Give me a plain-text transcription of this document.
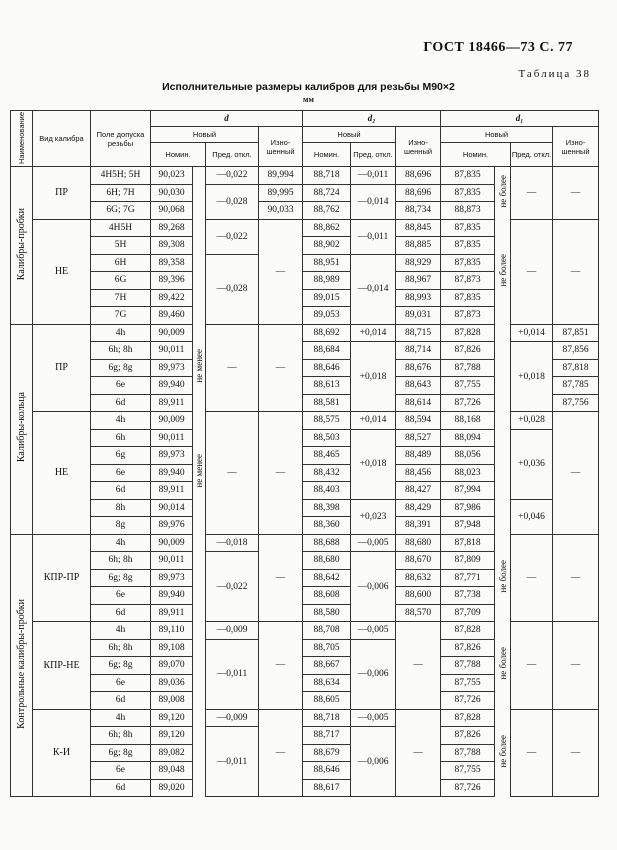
ГОСТ 18466—73 С. 77
Таблица 38
Исполнительные размеры калибров для резьбы М90×2
мм
Наименование	Вид калибра	Поле допуска резьбы	d				d₂			d₁			
			Новый			Изно-шенный	Новый		Изно-шенный	Новый			Изно-шенный
			Номин.		Пред. откл.		Номин.	Пред. откл.		Номин.		Пред. откл.	
Калибры-пробки	ПР	4H5H; 5H	90,023		—0,022	89,994	88,718	—0,011	88,696	87,835	не более	—	—
		6H; 7H	90,030		—0,028	89,995	88,724	—0,014	88,696	87,835			
		6G; 7G	90,068			90,033	88,762		88,734	88,873			
	НЕ	4H5H	89,268		—0,022	—	88,862	—0,011	88,845	87,835	не более	—	—
		5H	89,308				88,902		88,885	87,835			
		6H	89,358		—0,028		88,951	—0,014	88,929	87,835			
		6G	89,396				88,989		88,967	87,873			
		7H	89,422				89,015		88,993	87,835			
		7G	89,460				89,053		89,031	87,873			
Калибры-кольца	ПР	4h	90,009	не менее	—	—	88,692	+0,014	88,715	87,828		+0,014	87,851
		6h; 8h	90,011				88,684	+0,018	88,714	87,826		+0,018	87,856
		6g; 8g	89,973				88,646		88,676	87,788			87,818
		6e	89,940				88,613		88,643	87,755			87,785
		6d	89,911				88,581		88,614	87,726			87,756
	НЕ	4h	90,009	не менее	—	—	88,575	+0,014	88,594	88,168		+0,028	—
		6h	90,011				88,503	+0,018	88,527	88,094		+0,036	
		6g	89,973				88,465		88,489	88,056			
		6e	89,940				88,432		88,456	88,023			
		6d	89,911				88,403		88,427	87,994			
		8h	90,014				88,398	+0,023	88,429	87,986		+0,046	
		8g	89,976				88,360		88,391	87,948			
Контрольные калибры-пробки	КПР-ПР	4h	90,009		—0,018	—	88,688	—0,005	88,680	87,818	не более	—	—
		6h; 8h	90,011		—0,022		88,680	—0,006	88,670	87,809			
		6g; 8g	89,973				88,642		88,632	87,771			
		6e	89,940				88,608		88,600	87,738			
		6d	89,911				88,580		88,570	87,709			
	КПР-НЕ	4h	89,110		—0,009	—	88,708	—0,005	—	87,828	не более	—	—
		6h; 8h	89,108		—0,011		88,705	—0,006		87,826			
		6g; 8g	89,070				88,667			87,788			
		6e	89,036				88,634			87,755			
		6d	89,008				88,605			87,726			
	К-И	4h	89,120		—0,009	—	88,718	—0,005	—	87,828	не более	—	—
		6h; 8h	89,120		—0,011		88,717	—0,006		87,826			
		6g; 8g	89,082				88,679			87,788			
		6e	89,048				88,646			87,755			
		6d	89,020				88,617			87,726			
